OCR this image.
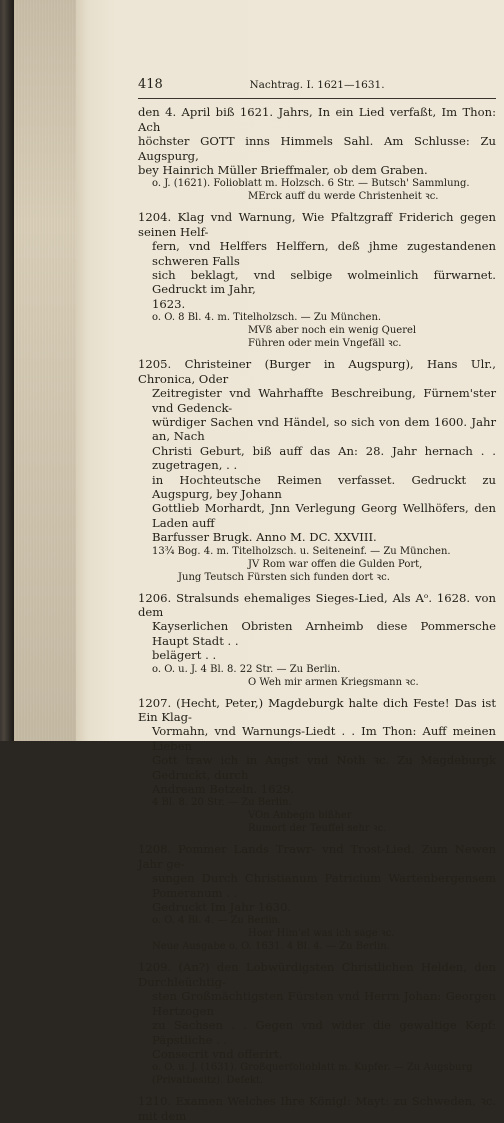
418	Nachtrag. I. 1621—1631.

den 4. April biß 1621. Jahrs, In ein Lied verfaßt, Im Thon: Ach

höchster GOTT inns Himmels Sahl. Am Schlusse: Zu Augspurg,

bey Hainrich Müller Brieffmaler, ob dem Graben.

o. J. (1621). Folioblatt m. Holzsch. 6 Str. — Butsch' Sammlung.

MErck auff du werde Christenheit ꝛc.

1204. Klag vnd Warnung, Wie Pfaltzgraff Friderich gegen seinen Helf-

fern, vnd Helffers Helffern, deß jhme zugestandenen schweren Falls

sich beklagt, vnd selbige wolmeinlich fürwarnet. Gedruckt im Jahr,

1623.

o. O. 8 Bl. 4. m. Titelholzsch. — Zu München.

MVß aber noch ein wenig Querel

Führen oder mein Vngefäll ꝛc.

1205. Christeiner (Burger in Augspurg), Hans Ulr., Chronica, Oder

Zeitregister vnd Wahrhaffte Beschreibung, Fürnem'ster vnd Gedenck-

würdiger Sachen vnd Händel, so sich von dem 1600. Jahr an, Nach

Christi Geburt, biß auff das An: 28. Jahr hernach . . zugetragen, . .

in Hochteutsche Reimen verfasset. Gedruckt zu Augspurg, bey Johann

Gottlieb Morhardt, Jnn Verlegung Georg Wellhöfers, den Laden auff

Barfusser Brugk. Anno M. DC. XXVIII.

13¾ Bog. 4. m. Titelholzsch. u. Seiteneinf. — Zu München.

JV Rom war offen die Gulden Port,

Jung Teutsch Fürsten sich funden dort ꝛc.

1206. Stralsunds ehemaliges Sieges-Lied, Als Aᵒ. 1628. von dem

Kayserlichen Obristen Arnheimb diese Pommersche Haupt Stadt . .

belägert . .

o. O. u. J. 4 Bl. 8. 22 Str. — Zu Berlin.

O Weh mir armen Kriegsmann ꝛc.

1207. (Hecht, Peter,) Magdeburgk halte dich Feste! Das ist Ein Klag-

Vormahn, vnd Warnungs-Liedt . . Im Thon: Auff meinen Lieben

Gott traw ich in Angst vnd Noth ꝛc. Zu Magdeburgk Gedruckt, durch

Andream Betzeln. 1629.

4 Bl. 8. 20 Str. — Zu Berlin.

VOn Anbegin bißher

Rumort der Teuffel sehr ꝛc.

1208. Pommer Lands Trawr- vnd Trost-Lied. Zum Newen Jahr ge-

sungen Durch Christianum Patricium Wartenbergensem Pomeranum . .

Gedruckt Im Jahr 1630.

o. O. 4 Bl. 4. — Zu Berlin.

Hoer Him'el was ich sage ꝛc.

Neue Ausgabe o. O. 1631. 4 Bl. 4. — Zu Berlin.

1209. (An?) den Lobwürdigsten Christlichen Helden, den Durchleüchtig-

sten Großmächtigsten Fürsten vnd Herrn Johan: Georgen Hertzogen

zu Sachsen . . Gegen vnd wider die gewaltige Kepf: Päpstliche . .

Consecrit vnd offerirt.

o. O. u. J. (1631). Großquerfolioblatt m. Kupfer. — Zu Augsburg

(Privatbesitz). Defekt.

1210. Examen Welches Ihre Königl: Mayt: zu Schweden, ꝛc. mit dem
